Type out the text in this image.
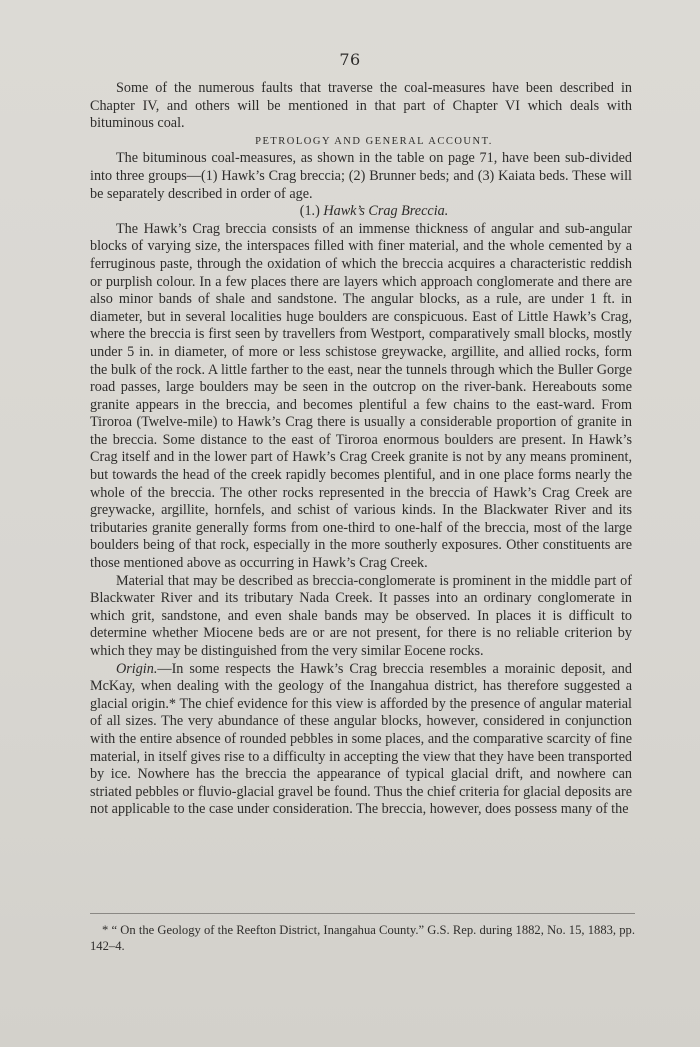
76

Some of the numerous faults that traverse the coal-measures have been described in Chapter IV, and others will be mentioned in that part of Chapter VI which deals with bituminous coal.

PETROLOGY AND GENERAL ACCOUNT.

The bituminous coal-measures, as shown in the table on page 71, have been sub-divided into three groups—(1) Hawk’s Crag breccia; (2) Brunner beds; and (3) Kaiata beds. These will be separately described in order of age.

(1.) Hawk’s Crag Breccia.

The Hawk’s Crag breccia consists of an immense thickness of angular and sub-angular blocks of varying size, the interspaces filled with finer material, and the whole cemented by a ferruginous paste, through the oxidation of which the breccia acquires a characteristic reddish or purplish colour. In a few places there are layers which approach conglomerate and there are also minor bands of shale and sandstone. The angular blocks, as a rule, are under 1 ft. in diameter, but in several localities huge boulders are conspicuous. East of Little Hawk’s Crag, where the breccia is first seen by travellers from Westport, comparatively small blocks, mostly under 5 in. in diameter, of more or less schistose greywacke, argillite, and allied rocks, form the bulk of the rock. A little farther to the east, near the tunnels through which the Buller Gorge road passes, large boulders may be seen in the outcrop on the river-bank. Hereabouts some granite appears in the breccia, and becomes plentiful a few chains to the east-ward. From Tiroroa (Twelve-mile) to Hawk’s Crag there is usually a considerable proportion of granite in the breccia. Some distance to the east of Tiroroa enormous boulders are present. In Hawk’s Crag itself and in the lower part of Hawk’s Crag Creek granite is not by any means prominent, but towards the head of the creek rapidly becomes plentiful, and in one place forms nearly the whole of the breccia. The other rocks represented in the breccia of Hawk’s Crag Creek are greywacke, argillite, hornfels, and schist of various kinds. In the Blackwater River and its tributaries granite generally forms from one-third to one-half of the breccia, most of the large boulders being of that rock, especially in the more southerly exposures. Other constituents are those mentioned above as occurring in Hawk’s Crag Creek.

Material that may be described as breccia-conglomerate is prominent in the middle part of Blackwater River and its tributary Nada Creek. It passes into an ordinary conglomerate in which grit, sandstone, and even shale bands may be observed. In places it is difficult to determine whether Miocene beds are or are not present, for there is no reliable criterion by which they may be distinguished from the very similar Eocene rocks.

Origin.—In some respects the Hawk’s Crag breccia resembles a morainic deposit, and McKay, when dealing with the geology of the Inangahua district, has therefore suggested a glacial origin.* The chief evidence for this view is afforded by the presence of angular material of all sizes. The very abundance of these angular blocks, however, considered in conjunction with the entire absence of rounded pebbles in some places, and the comparative scarcity of fine material, in itself gives rise to a difficulty in accepting the view that they have been transported by ice. Nowhere has the breccia the appearance of typical glacial drift, and nowhere can striated pebbles or fluvio-glacial gravel be found. Thus the chief criteria for glacial deposits are not applicable to the case under consideration. The breccia, however, does possess many of the

* “ On the Geology of the Reefton District, Inangahua County.” G.S. Rep. during 1882, No. 15, 1883, pp. 142–4.
